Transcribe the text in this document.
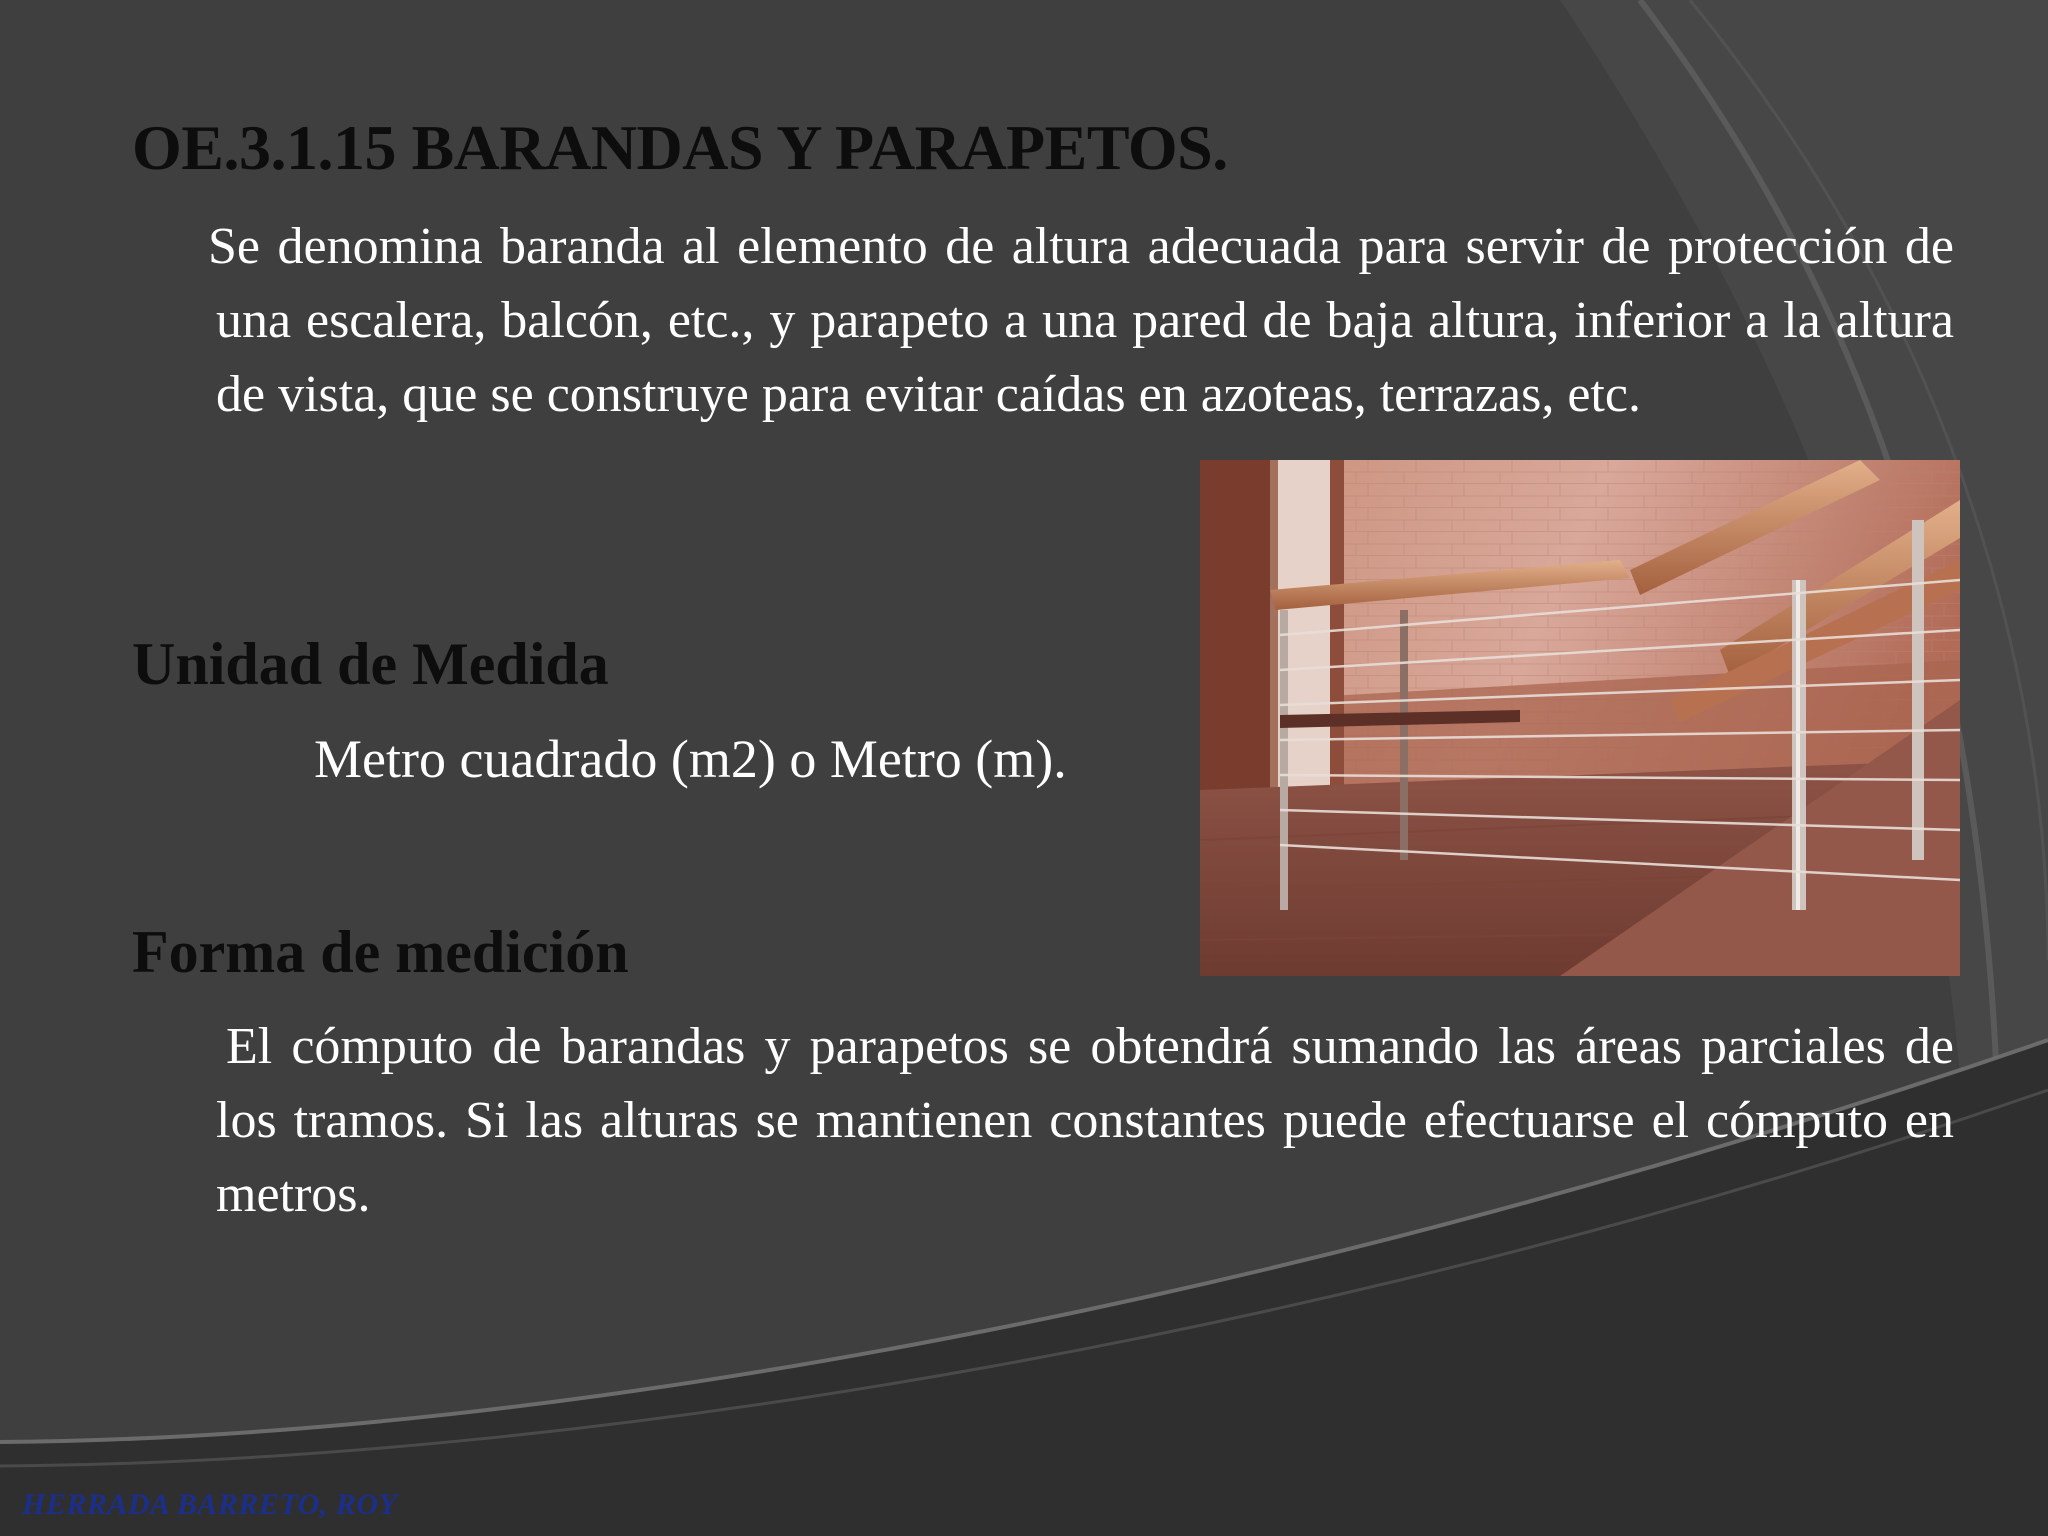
OE.3.1.15 BARANDAS Y PARAPETOS.

Se denomina baranda al elemento de altura adecuada para servir de protección de una escalera, balcón, etc., y parapeto a una pared de baja altura, inferior a la altura de vista, que se construye para evitar caídas en azoteas, terrazas, etc.

Unidad de Medida

Metro cuadrado (m2) o Metro (m).

Forma de medición

El cómputo de barandas y parapetos se obtendrá sumando las áreas parciales de los tramos. Si las alturas se mantienen constantes puede efectuarse el cómputo en metros.

HERRADA BARRETO, ROY
